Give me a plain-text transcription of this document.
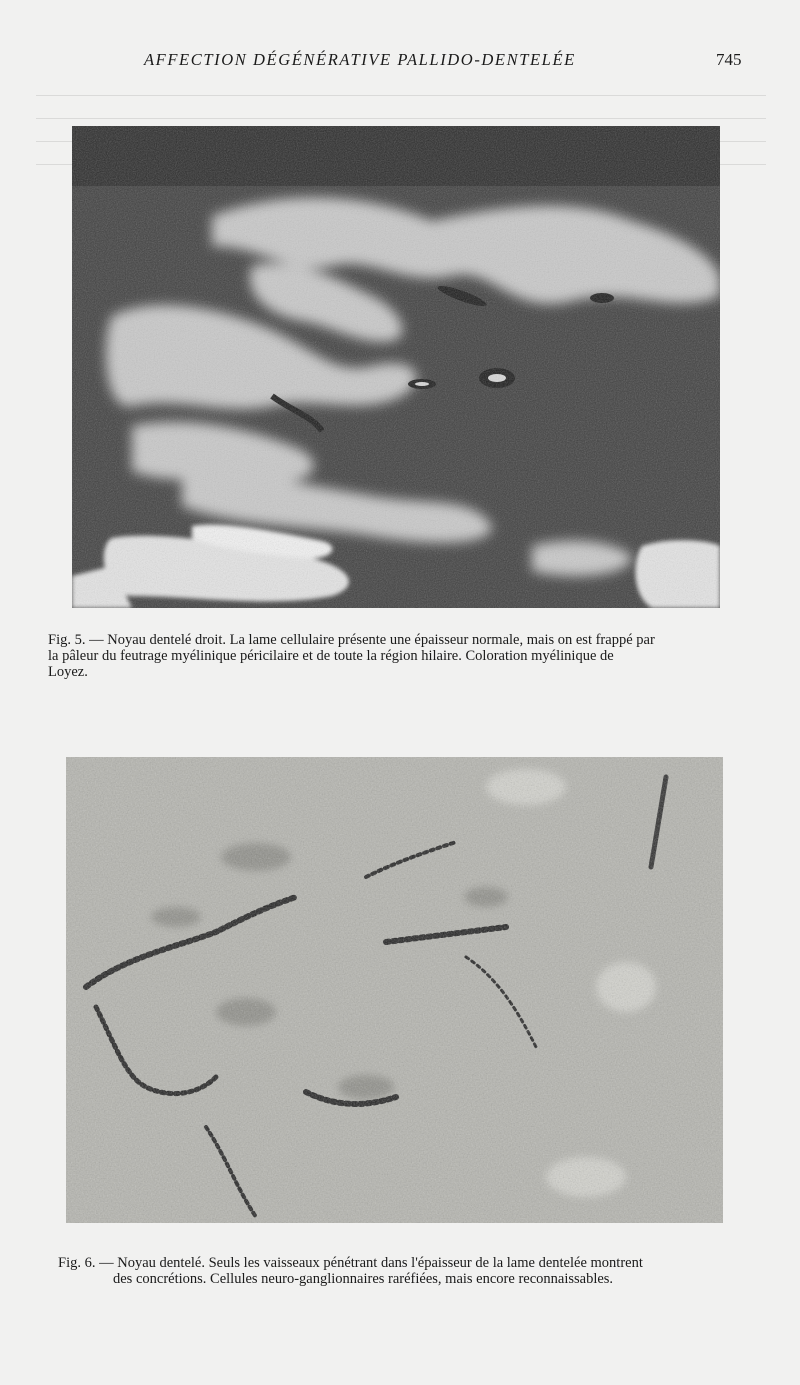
AFFECTION DÉGÉNÉRATIVE PALLIDO-DENTELÉE	745
Fig. 5. — Noyau dentelé droit. La lame cellulaire présente une épaisseur normale, mais on est frappé par
la pâleur du feutrage myélinique péricilaire et de toute la région hilaire. Coloration myélinique de
Loyez.
Fig. 6. — Noyau dentelé. Seuls les vaisseaux pénétrant dans l'épaisseur de la lame dentelée montrent
des concrétions. Cellules neuro-ganglionnaires raréfiées, mais encore reconnaissables.
